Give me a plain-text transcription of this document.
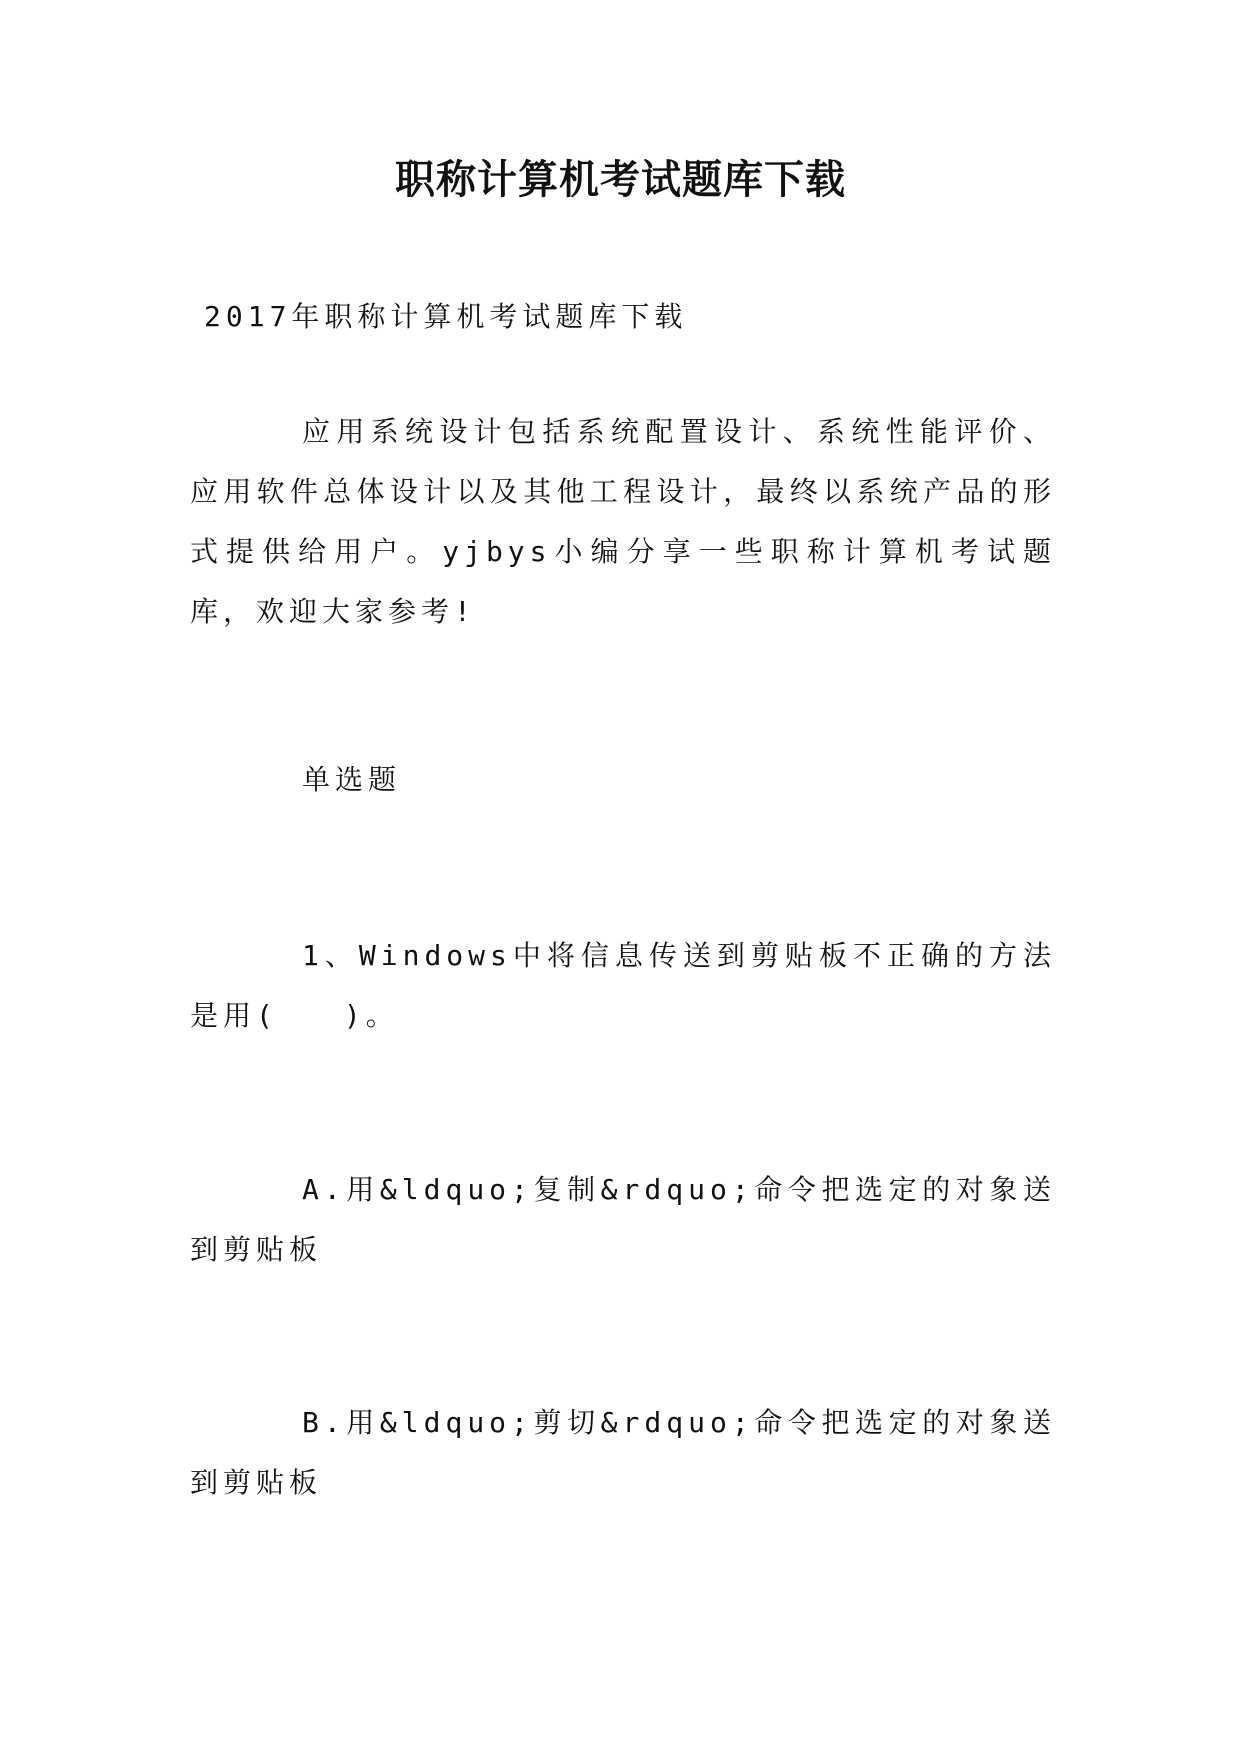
职称计算机考试题库下载
2017年职称计算机考试题库下载
应用系统设计包括系统配置设计、系统性能评价、应用软件总体设计以及其他工程设计，最终以系统产品的形式提供给用户。yjbys小编分享一些职称计算机考试题库，欢迎大家参考!
单选题
1、Windows中将信息传送到剪贴板不正确的方法是用(　　)。
A.用&ldquo;复制&rdquo;命令把选定的对象送到剪贴板
B.用&ldquo;剪切&rdquo;命令把选定的对象送到剪贴板
